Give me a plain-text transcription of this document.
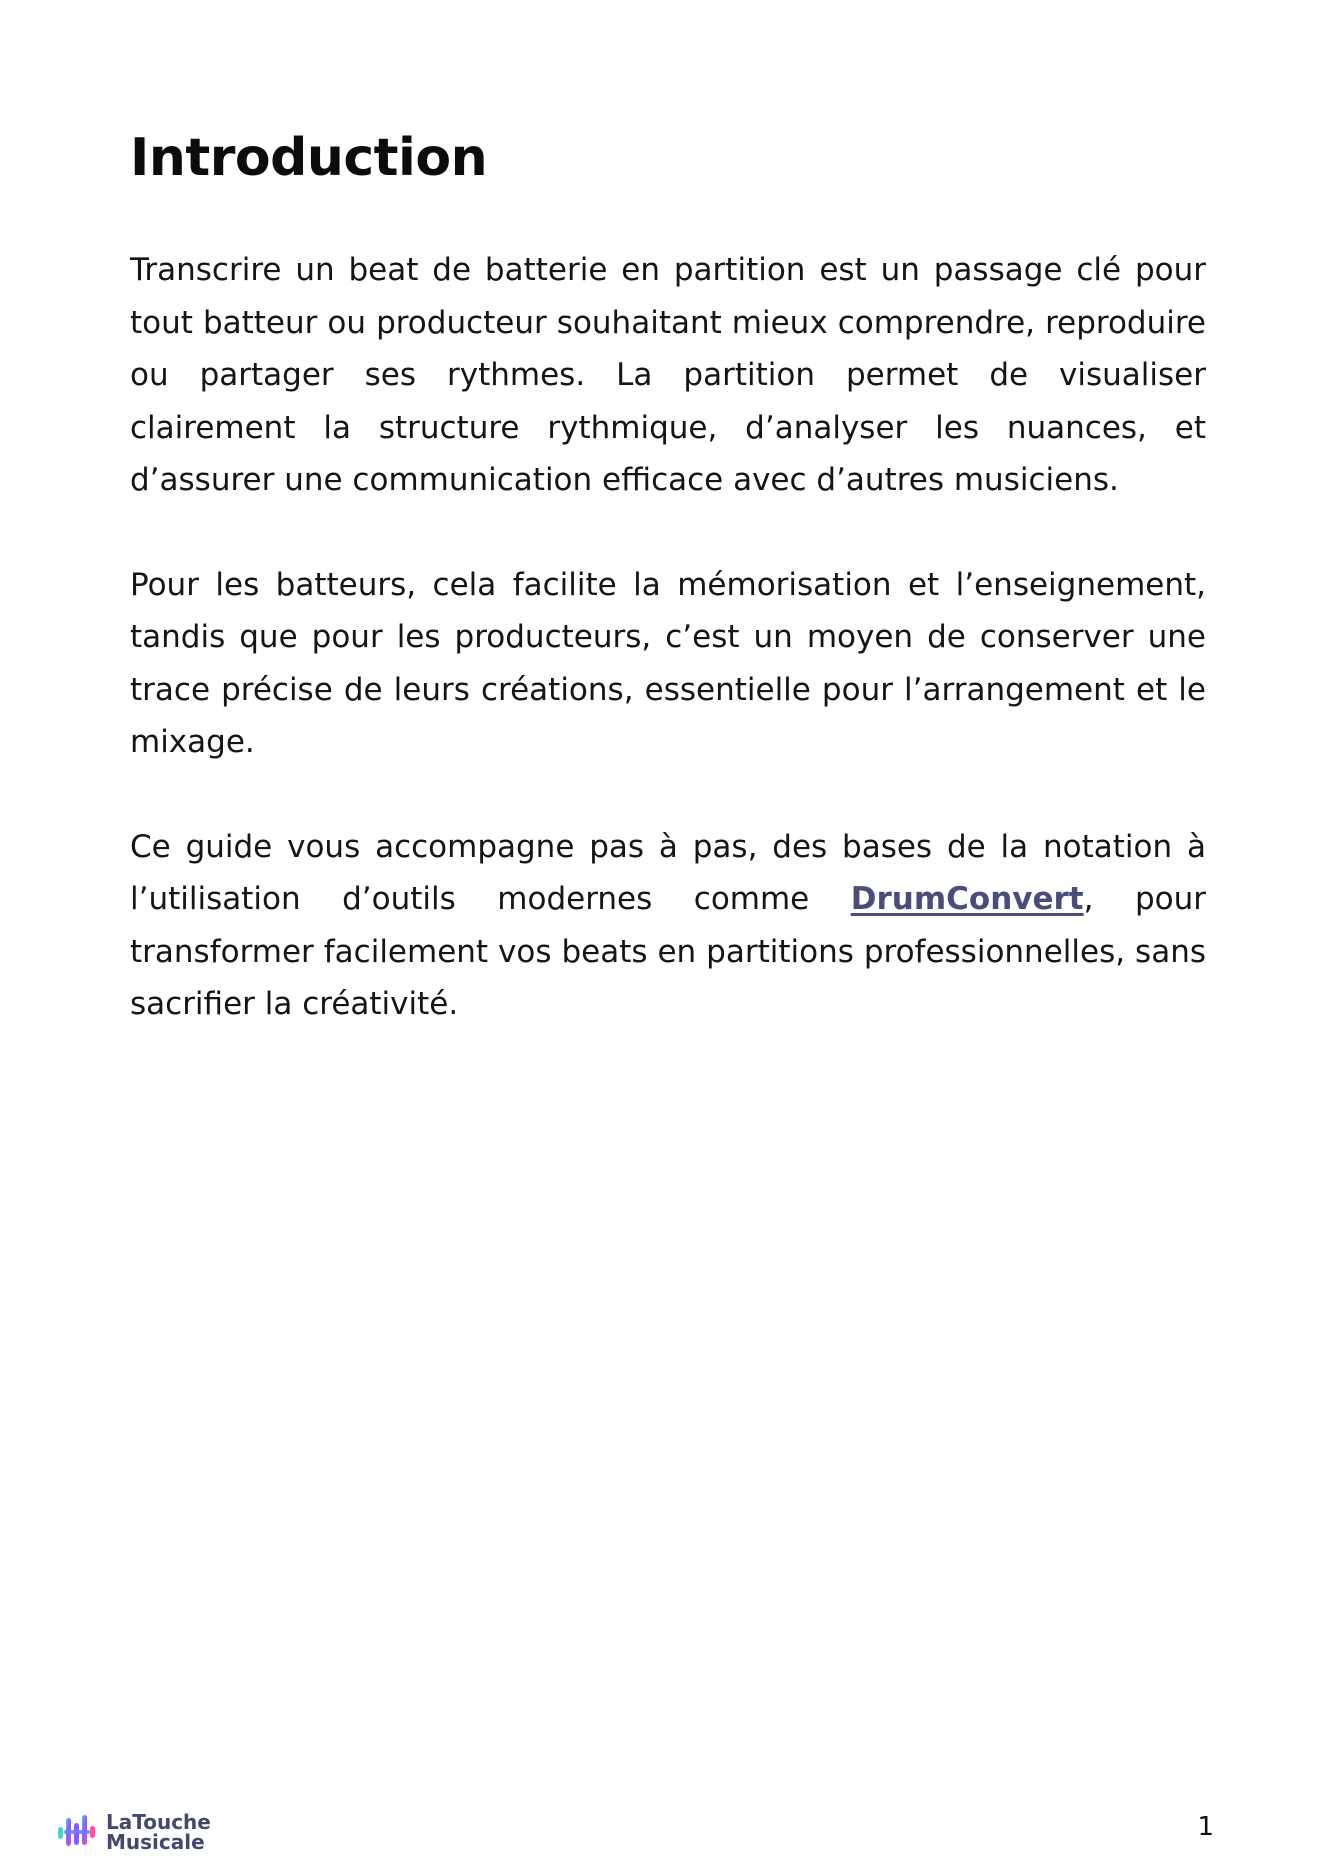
Introduction

Transcrire un beat de batterie en partition est un passage clé pour tout batteur ou producteur souhaitant mieux comprendre, reproduire ou partager ses rythmes. La partition permet de visualiser clairement la structure rythmique, d’analyser les nuances, et d’assurer une communication efficace avec d’autres musiciens.

Pour les batteurs, cela facilite la mémorisation et l’enseignement, tandis que pour les producteurs, c’est un moyen de conserver une trace précise de leurs créations, essentielle pour l’arrangement et le mixage.

Ce guide vous accompagne pas à pas, des bases de la notation à l’utilisation d’outils modernes comme DrumConvert, pour transformer facilement vos beats en partitions professionnelles, sans sacrifier la créativité.

LaTouche
Musicale	1
